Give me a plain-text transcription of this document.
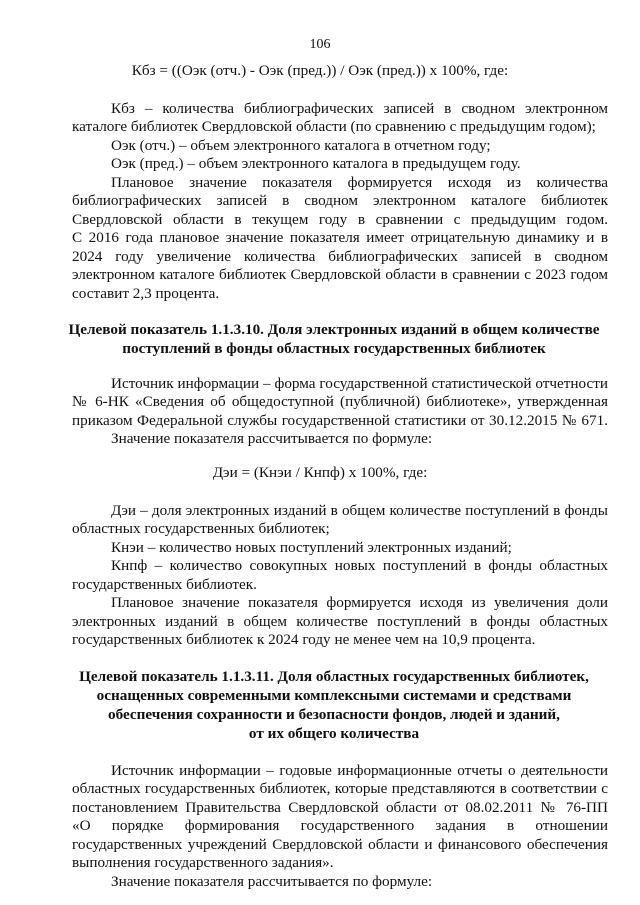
106
Кбз = ((Оэк (отч.) - Оэк (пред.)) / Оэк (пред.)) x 100%, где:
Кбз – количества библиографических записей в сводном электронном
каталоге библиотек Свердловской области (по сравнению с предыдущим годом);
Оэк (отч.) – объем электронного каталога в отчетном году;
Оэк (пред.) – объем электронного каталога в предыдущем году.
Плановое значение показателя формируется исходя из количества
библиографических записей в сводном электронном каталоге библиотек
Свердловской области в текущем году в сравнении с предыдущим годом.
С 2016 года плановое значение показателя имеет отрицательную динамику и в
2024 году увеличение количества библиографических записей в сводном
электронном каталоге библиотек Свердловской области в сравнении с 2023 годом
составит 2,3 процента.
Целевой показатель 1.1.3.10. Доля электронных изданий в общем количестве
поступлений в фонды областных государственных библиотек
Источник информации – форма государственной статистической отчетности
№ 6-НК «Сведения об общедоступной (публичной) библиотеке», утвержденная
приказом Федеральной службы государственной статистики от 30.12.2015 № 671.
Значение показателя рассчитывается по формуле:
Дэи = (Кнэи / Кнпф) x 100%, где:
Дэи – доля электронных изданий в общем количестве поступлений в фонды
областных государственных библиотек;
Кнэи – количество новых поступлений электронных изданий;
Кнпф – количество совокупных новых поступлений в фонды областных
государственных библиотек.
Плановое значение показателя формируется исходя из увеличения доли
электронных изданий в общем количестве поступлений в фонды областных
государственных библиотек к 2024 году не менее чем на 10,9 процента.
Целевой показатель 1.1.3.11. Доля областных государственных библиотек,
оснащенных современными комплексными системами и средствами
обеспечения сохранности и безопасности фондов, людей и зданий,
от их общего количества
Источник информации – годовые информационные отчеты о деятельности
областных государственных библиотек, которые представляются в соответствии с
постановлением Правительства Свердловской области от 08.02.2011 № 76-ПП
«О порядке формирования государственного задания в отношении
государственных учреждений Свердловской области и финансового обеспечения
выполнения государственного задания».
Значение показателя рассчитывается по формуле:
